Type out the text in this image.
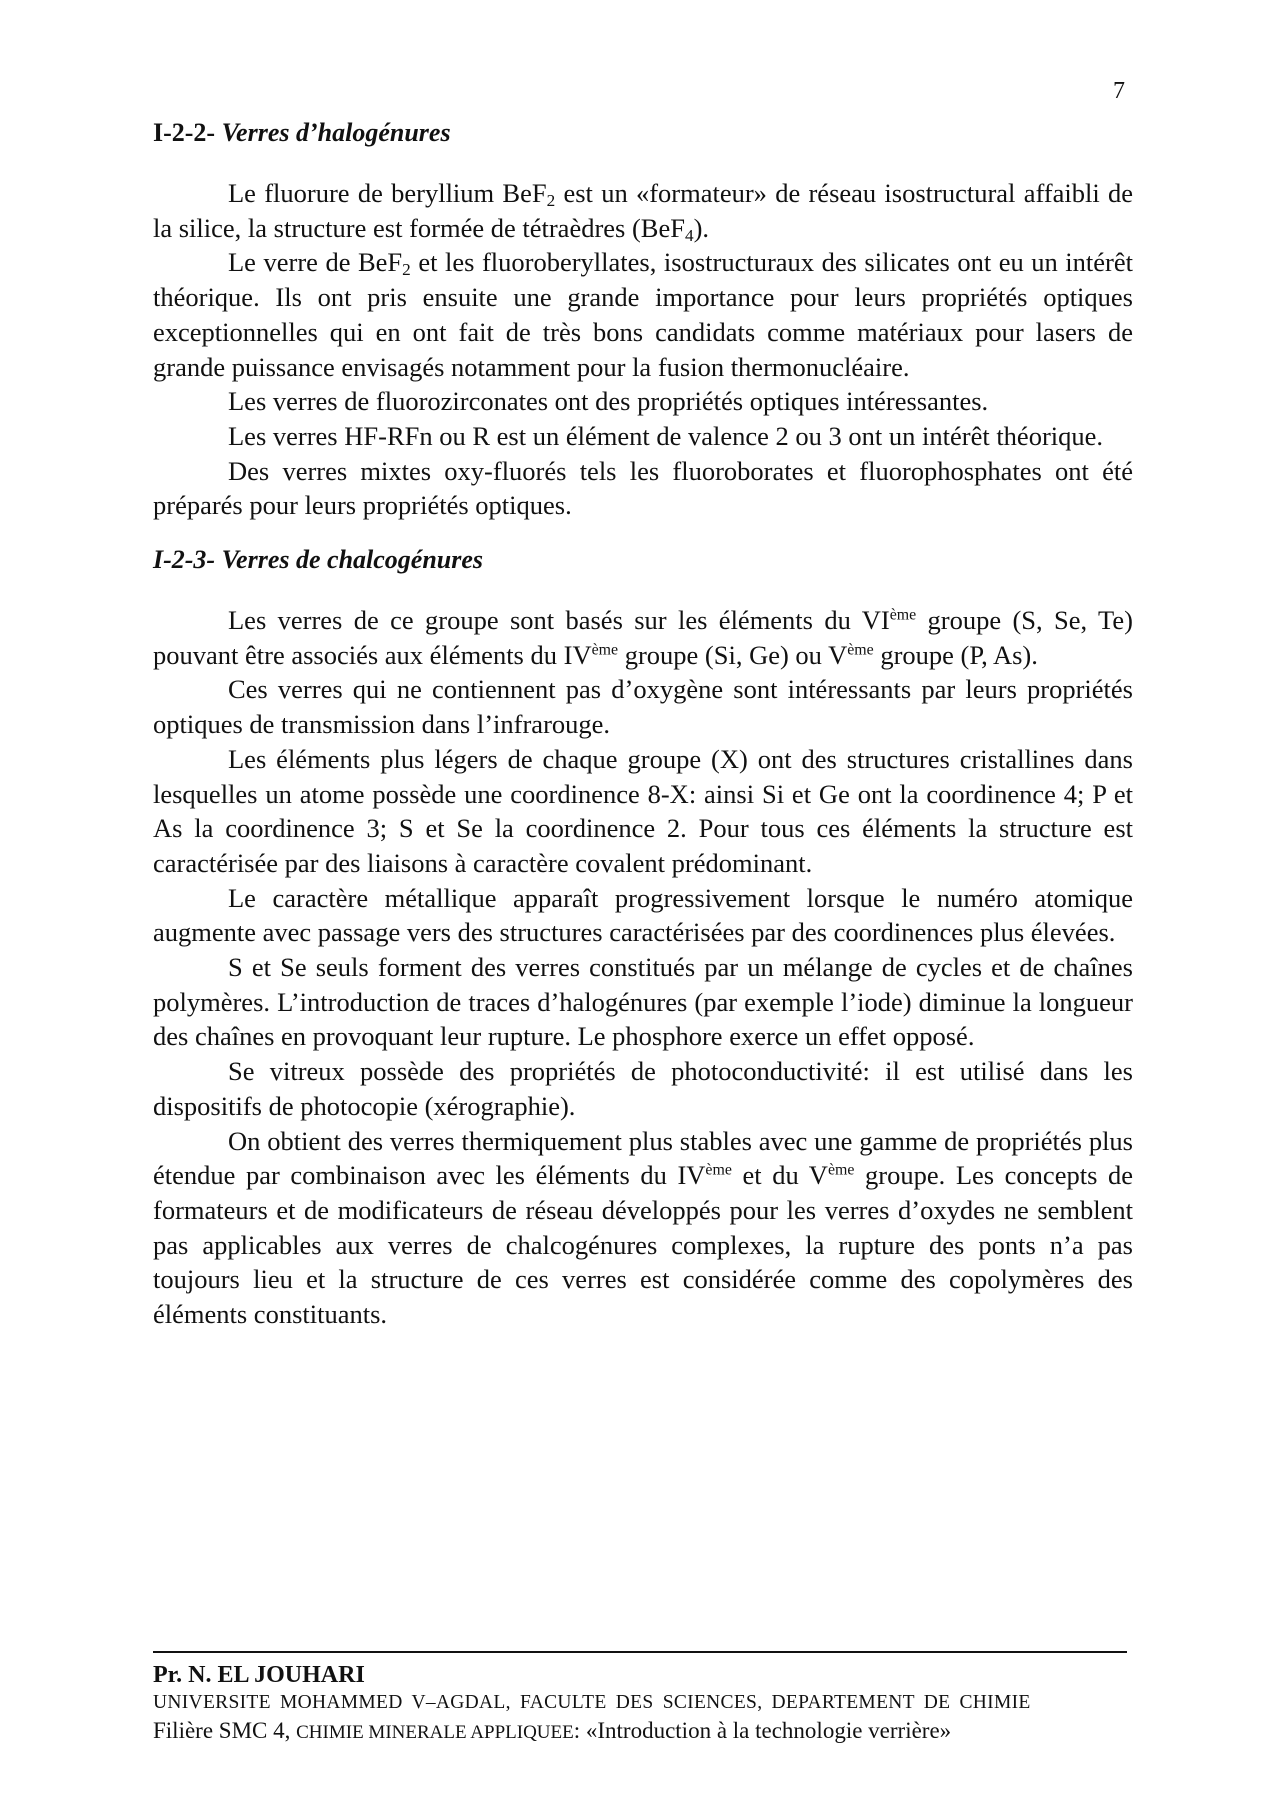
7
I-2-2- Verres d’halogénures

Le fluorure de beryllium BeF$_2$ est un «formateur» de réseau isostructural affaibli de la silice, la structure est formée de tétraèdres (BeF$_4$).

Le verre de BeF$_2$ et les fluoroberyllates, isostructuraux des silicates ont eu un intérêt théorique. Ils ont pris ensuite une grande importance pour leurs propriétés optiques exceptionnelles qui en ont fait de très bons candidats comme matériaux pour lasers de grande puissance envisagés notamment pour la fusion thermonucléaire.

Les verres de fluorozirconates ont des propriétés optiques intéressantes.

Les verres HF-RFn ou R est un élément de valence 2 ou 3 ont un intérêt théorique.

Des verres mixtes oxy-fluorés tels les fluoroborates et fluorophosphates ont été préparés pour leurs propriétés optiques.

I-2-3- Verres de chalcogénures

Les verres de ce groupe sont basés sur les éléments du VIème groupe (S, Se, Te) pouvant être associés aux éléments du IVème groupe (Si, Ge) ou Vème groupe (P, As).

Ces verres qui ne contiennent pas d’oxygène sont intéressants par leurs propriétés optiques de transmission dans l’infrarouge.

Les éléments plus légers de chaque groupe (X) ont des structures cristallines dans lesquelles un atome possède une coordinence 8-X: ainsi Si et Ge ont la coordinence 4; P et As la coordinence 3; S et Se la coordinence 2. Pour tous ces éléments la structure est caractérisée par des liaisons à caractère covalent prédominant.

Le caractère métallique apparaît progressivement lorsque le numéro atomique augmente avec passage vers des structures caractérisées par des coordinences plus élevées.

S et Se seuls forment des verres constitués par un mélange de cycles et de chaînes polymères. L’introduction de traces d’halogénures (par exemple l’iode) diminue la longueur des chaînes en provoquant leur rupture. Le phosphore exerce un effet opposé.

Se vitreux possède des propriétés de photoconductivité: il est utilisé dans les dispositifs de photocopie (xérographie).

On obtient des verres thermiquement plus stables avec une gamme de propriétés plus étendue par combinaison avec les éléments du IVème et du Vème groupe. Les concepts de formateurs et de modificateurs de réseau développés pour les verres d’oxydes ne semblent pas applicables aux verres de chalcogénures complexes, la rupture des ponts n’a pas toujours lieu et la structure de ces verres est considérée comme des copolymères des éléments constituants.

Pr. N. EL JOUHARI
UNIVERSITE MOHAMMED V–AGDAL, FACULTE DES SCIENCES, DEPARTEMENT DE CHIMIE
Filière SMC 4, CHIMIE MINERALE APPLIQUEE: «Introduction à la technologie verrière»
